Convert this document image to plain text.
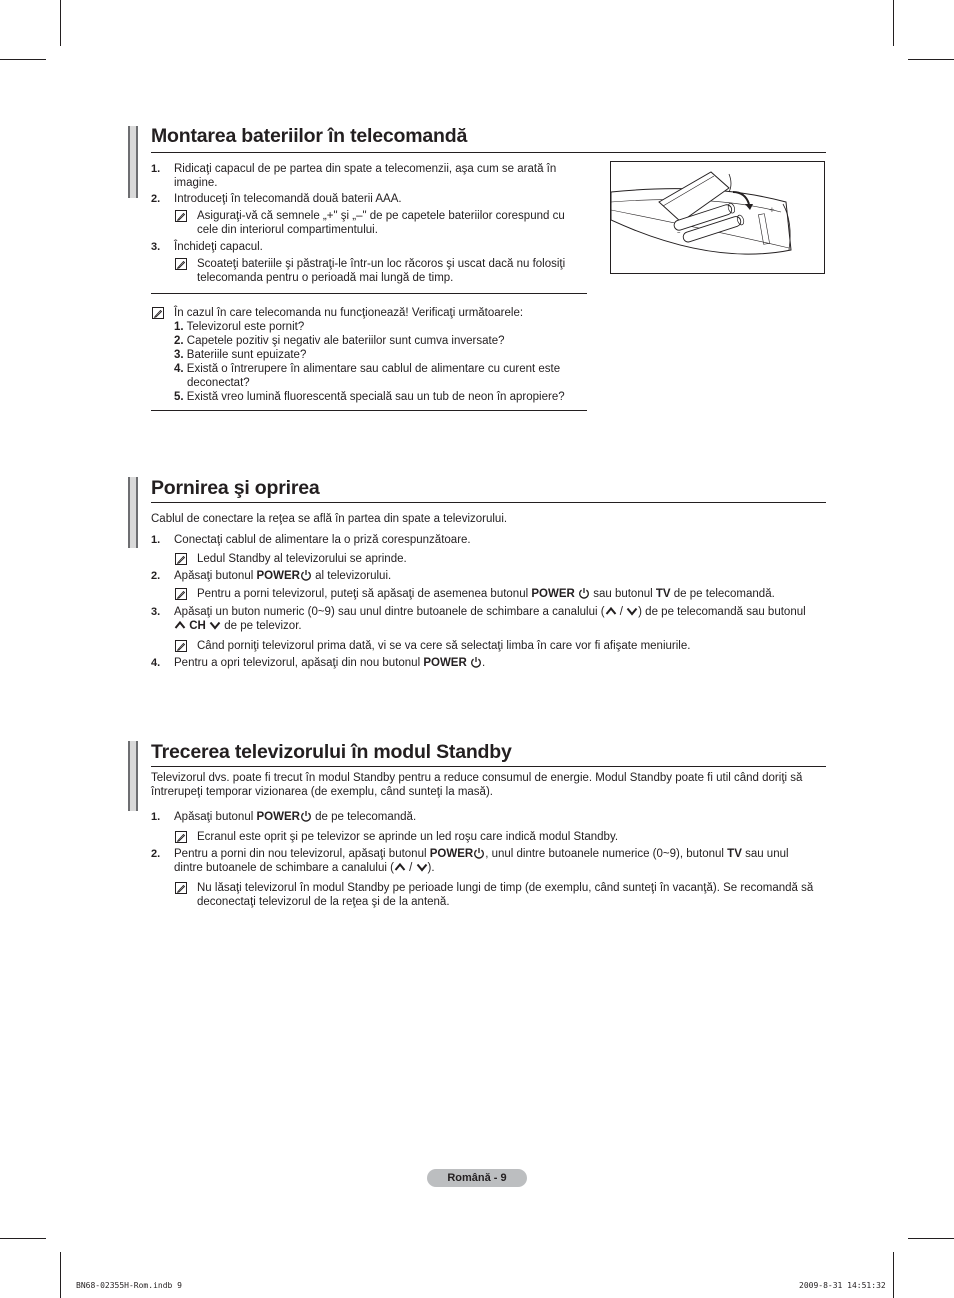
Montarea bateriilor în telecomandă
1. Ridicaţi capacul de pe partea din spate a telecomenzii, aşa cum se arată în
imagine.
2. Introduceţi în telecomandă două baterii AAA.
Asiguraţi-vă că semnele „+" şi „–" de pe capetele bateriilor corespund cu
cele din interiorul compartimentului.
3. Închideţi capacul.
Scoateţi bateriile şi păstraţi-le într-un loc răcoros şi uscat dacă nu folosiţi
telecomanda pentru o perioadă mai lungă de timp.
+
–
În cazul în care telecomanda nu funcţionează! Verificaţi următoarele:
1. Televizorul este pornit?
2. Capetele pozitiv şi negativ ale bateriilor sunt cumva inversate?
3. Bateriile sunt epuizate?
4. Există o întrerupere în alimentare sau cablul de alimentare cu curent este
deconectat?
5. Există vreo lumină fluorescentă specială sau un tub de neon în apropiere?
Pornirea şi oprirea
Cablul de conectare la reţea se află în partea din spate a televizorului.
1. Conectaţi cablul de alimentare la o priză corespunzătoare.
Ledul Standby al televizorului se aprinde.
2. Apăsaţi butonul POWER al televizorului.
Pentru a porni televizorul, puteţi să apăsaţi de asemenea butonul POWER  sau butonul TV de pe telecomandă.
3. Apăsaţi un buton numeric (0~9) sau unul dintre butoanele de schimbare a canalului ( / ) de pe telecomandă sau butonul
CH  de pe televizor.
Când porniţi televizorul prima dată, vi se va cere să selectaţi limba în care vor fi afişate meniurile.
4. Pentru a opri televizorul, apăsaţi din nou butonul POWER .
Trecerea televizorului în modul Standby
Televizorul dvs. poate fi trecut în modul Standby pentru a reduce consumul de energie. Modul Standby poate fi util când doriţi să
întrerupeţi temporar vizionarea (de exemplu, când sunteţi la masă).
1. Apăsaţi butonul POWER de pe telecomandă.
Ecranul este oprit şi pe televizor se aprinde un led roşu care indică modul Standby.
2. Pentru a porni din nou televizorul, apăsaţi butonul POWER , unul dintre butoanele numerice (0~9), butonul TV sau unul
dintre butoanele de schimbare a canalului ( / ).
Nu lăsaţi televizorul în modul Standby pe perioade lungi de timp (de exemplu, când sunteţi în vacanţă). Se recomandă să
deconectaţi televizorul de la reţea şi de la antenă.
Română - 9
BN68-02355H-Rom.indb 9	2009-8-31 14:51:32
